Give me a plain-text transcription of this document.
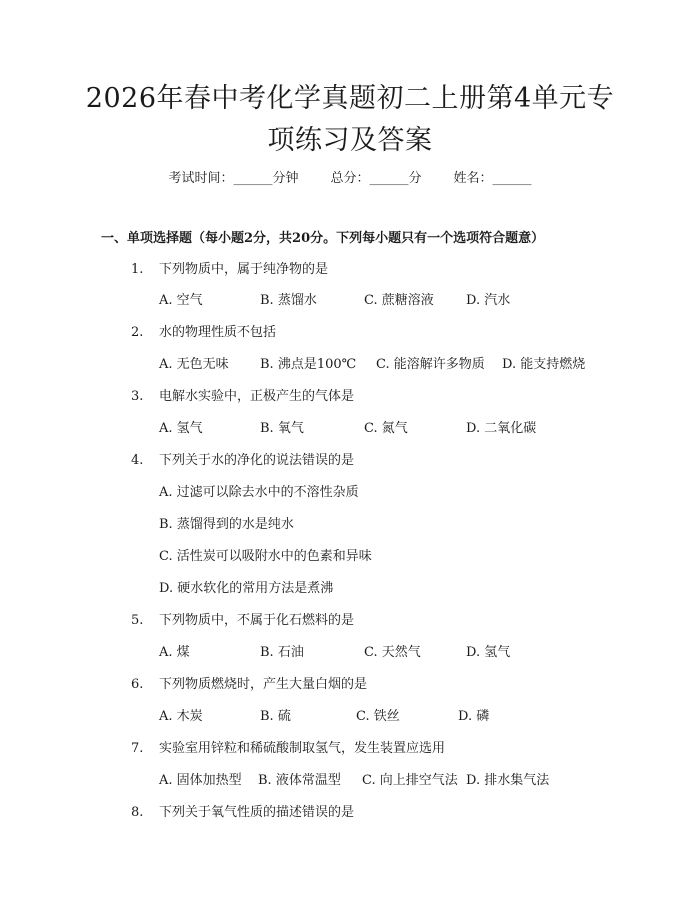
2026年春中考化学真题初二上册第4单元专
项练习及答案
考试时间：______分钟 总分：______分 姓名：______
一、单项选择题（每小题2分，共20分。下列每小题只有一个选项符合题意）
1. 下列物质中，属于纯净物的是
A. 空气	B. 蒸馏水	C. 蔗糖溶液 D. 汽水
2. 水的物理性质不包括
A. 无色无味 B. 沸点是100℃ C. 能溶解许多物质 D. 能支持燃烧
3. 电解水实验中，正极产生的气体是
A. 氢气	B. 氧气	C. 氮气	D. 二氧化碳
4. 下列关于水的净化的说法错误的是
A. 过滤可以除去水中的不溶性杂质
B. 蒸馏得到的水是纯水
C. 活性炭可以吸附水中的色素和异味
D. 硬水软化的常用方法是煮沸
5. 下列物质中，不属于化石燃料的是
A. 煤	B. 石油	C. 天然气	D. 氢气
6. 下列物质燃烧时，产生大量白烟的是
A. 木炭	B. 硫	C. 铁丝	D. 磷
7. 实验室用锌粒和稀硫酸制取氢气，发生装置应选用
A. 固体加热型 B. 液体常温型 C. 向上排空气法 D. 排水集气法
8. 下列关于氧气性质的描述错误的是
